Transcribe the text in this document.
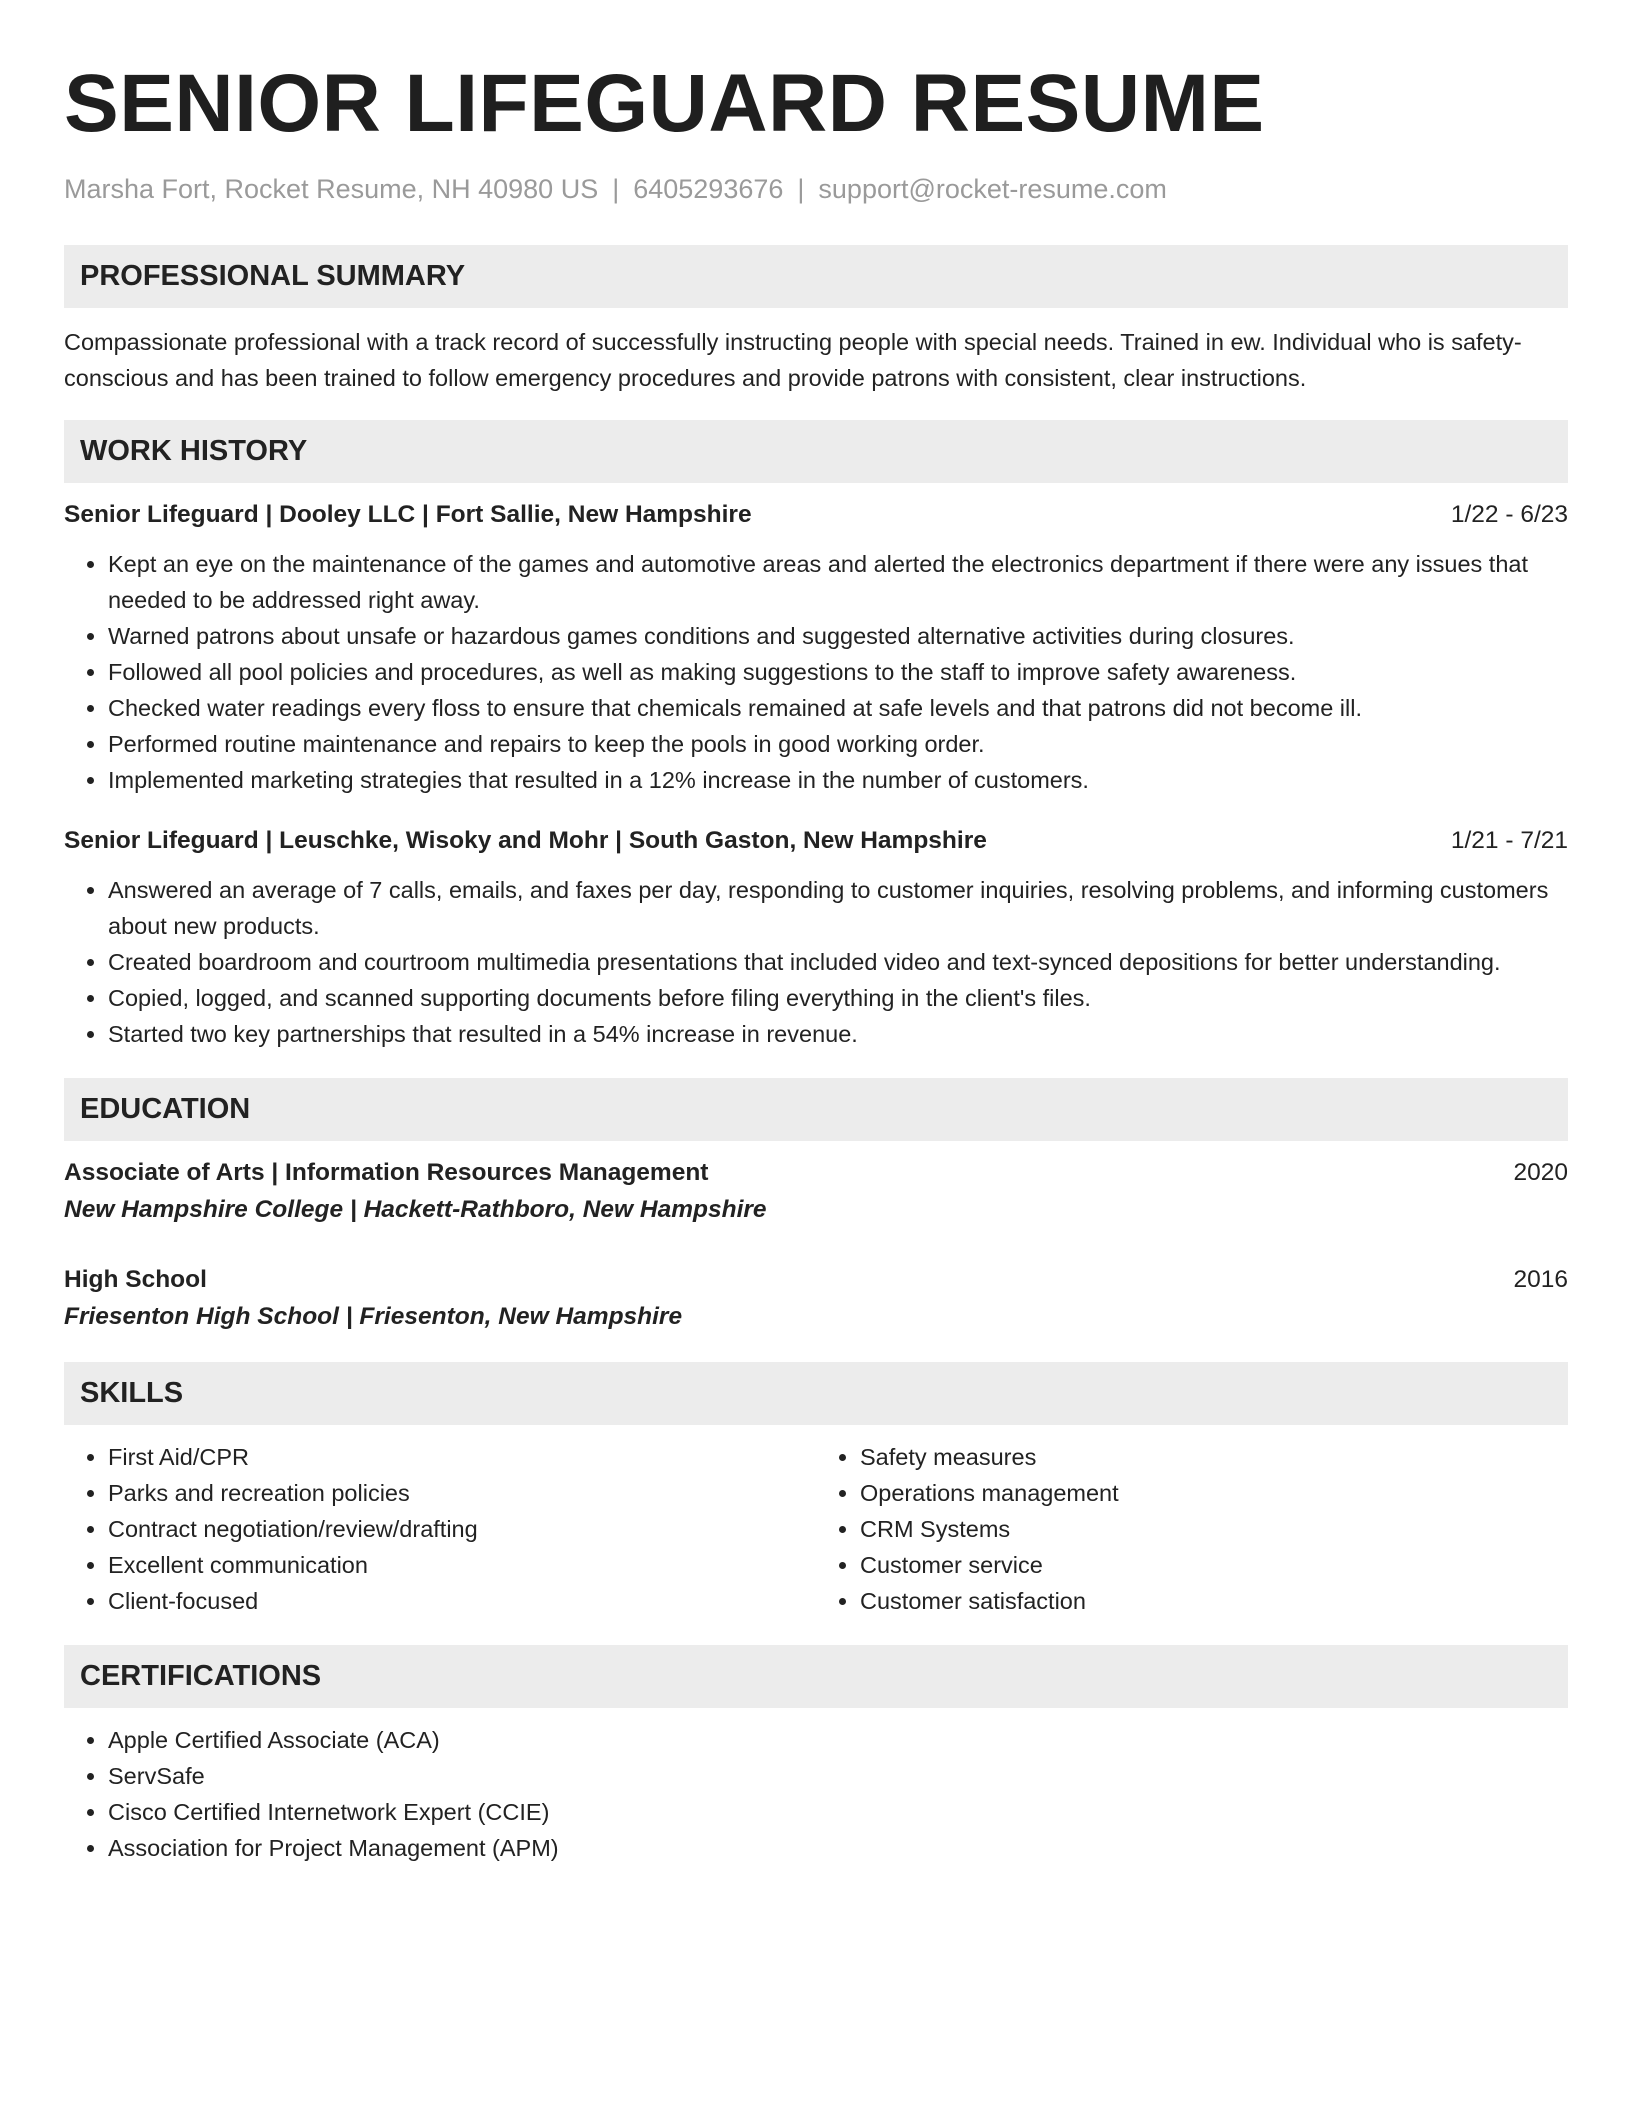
SENIOR LIFEGUARD RESUME
Marsha Fort, Rocket Resume, NH 40980 US | 6405293676 | support@rocket-resume.com
PROFESSIONAL SUMMARY
Compassionate professional with a track record of successfully instructing people with special needs. Trained in ew. Individual who is safety-conscious and has been trained to follow emergency procedures and provide patrons with consistent, clear instructions.
WORK HISTORY
Senior Lifeguard | Dooley LLC | Fort Sallie, New Hampshire	1/22 - 6/23
• Kept an eye on the maintenance of the games and automotive areas and alerted the electronics department if there were any issues that needed to be addressed right away.
• Warned patrons about unsafe or hazardous games conditions and suggested alternative activities during closures.
• Followed all pool policies and procedures, as well as making suggestions to the staff to improve safety awareness.
• Checked water readings every floss to ensure that chemicals remained at safe levels and that patrons did not become ill.
• Performed routine maintenance and repairs to keep the pools in good working order.
• Implemented marketing strategies that resulted in a 12% increase in the number of customers.
Senior Lifeguard | Leuschke, Wisoky and Mohr | South Gaston, New Hampshire	1/21 - 7/21
• Answered an average of 7 calls, emails, and faxes per day, responding to customer inquiries, resolving problems, and informing customers about new products.
• Created boardroom and courtroom multimedia presentations that included video and text-synced depositions for better understanding.
• Copied, logged, and scanned supporting documents before filing everything in the client's files.
• Started two key partnerships that resulted in a 54% increase in revenue.
EDUCATION
Associate of Arts | Information Resources Management	2020
New Hampshire College | Hackett-Rathboro, New Hampshire
High School	2016
Friesenton High School | Friesenton, New Hampshire
SKILLS
• First Aid/CPR
• Parks and recreation policies
• Contract negotiation/review/drafting
• Excellent communication
• Client-focused
• Safety measures
• Operations management
• CRM Systems
• Customer service
• Customer satisfaction
CERTIFICATIONS
• Apple Certified Associate (ACA)
• ServSafe
• Cisco Certified Internetwork Expert (CCIE)
• Association for Project Management (APM)
